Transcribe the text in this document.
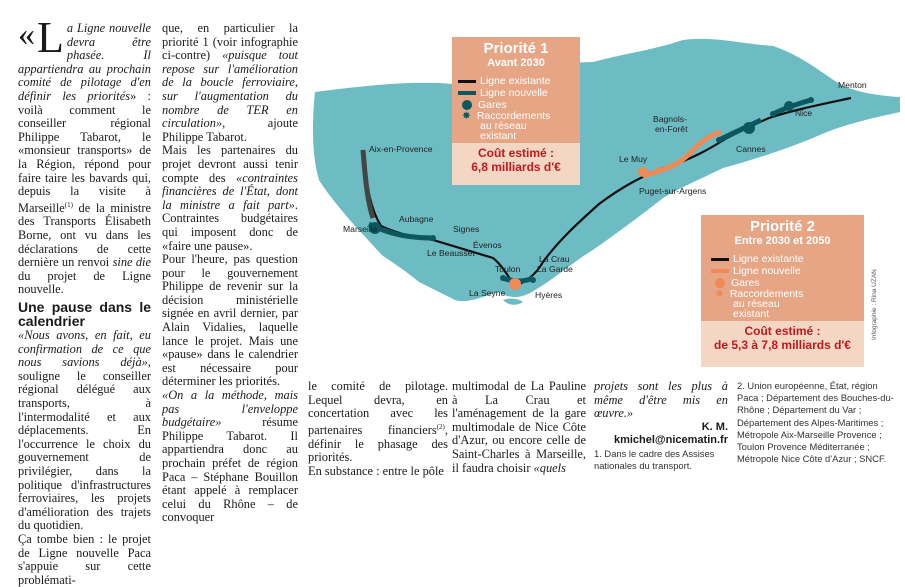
« L a Ligne nouvelle devra être phasée. Il appartiendra au prochain comité de pilotage d'en définir les priorités» : voilà comment le conseiller régional Philippe Tabarot, le «monsieur transports» de la Région, répond pour faire taire les bavards qui, depuis la visite à Marseille$^{(1)}$ de la ministre des Transports Élisabeth Borne, ont vu dans les déclarations de cette dernière un renvoi sine die du projet de Ligne nouvelle.

Une pause dans le calendrier

«Nous avons, en fait, eu confirmation de ce que nous savions déjà», souligne le conseiller régional délégué aux transports, à l'intermodalité et aux déplacements. En l'occurrence le choix du gouvernement de privilégier, dans la politique d'infrastructures ferroviaires, les projets d'amélioration des trajets du quotidien.

Ça tombe bien : le projet de Ligne nouvelle Paca s'appuie sur cette problémati-

que, en particulier la priorité 1 (voir infographie ci-contre) «puisque tout repose sur l'amélioration de la boucle ferroviaire, sur l'augmentation du nombre de TER en circulation», ajoute Philippe Tabarot.

Mais les partenaires du projet devront aussi tenir compte des «contraintes financières de l'État, dont la ministre a fait part». Contraintes budgétaires qui imposent donc de «faire une pause».

Pour l'heure, pas question pour le gouvernement Philippe de revenir sur la décision ministérielle signée en avril dernier, par Alain Vidalies, laquelle lance le projet. Mais une «pause» dans le calendrier est nécessaire pour déterminer les priorités.

«On a la méthode, mais pas l'enveloppe budgétaire» résume Philippe Tabarot. Il appartiendra donc au prochain préfet de région Paca – Stéphane Bouillon étant appelé à remplacer celui du Rhône – de convoquer

Menton
Nice
Cannes
Bagnols-
en-Forêt
Le Muy
Puget-sur-Argens
Aix-en-Provence
Marseille
Aubagne
Signes
Évenos
Le Beausset
Toulon
La Crau
La Garde
La Seyne	Hyères
Priorité 1
Avant 2030
Ligne existante
Ligne nouvelle
Gares
✸ Raccordements
au réseau
existant
Coût estimé :
6,8 milliards d'€
Priorité 2
Entre 2030 et 2050
Ligne existante
Ligne nouvelle
Gares
✸ Raccordements
au réseau
existant
Coût estimé :
de 5,3 à 7,8 milliards d'€
Infographie : Rina UZAN

le comité de pilotage. Lequel devra, en concertation avec les partenaires financiers$^{(2)}$, définir le phasage des priorités.

En substance : entre le pôle

multimodal de La Pauline à La Crau et l'aménagement de la gare multimodale de Nice Côte d'Azur, ou encore celle de Saint-Charles à Marseille, il faudra choisir «quels

projets sont les plus à même d'être mis en œuvre.»

K. M.
kmichel@nicematin.fr
1. Dans le cadre des Assises nationales du transport.
2. Union européenne, État, région Paca ; Département des Bouches-du-Rhône ; Département du Var ; Département des Alpes-Maritimes ; Métropole Aix-Marseille Provence ; Toulon Provence Méditerranée ; Métropole Nice Côte d'Azur ; SNCF.
